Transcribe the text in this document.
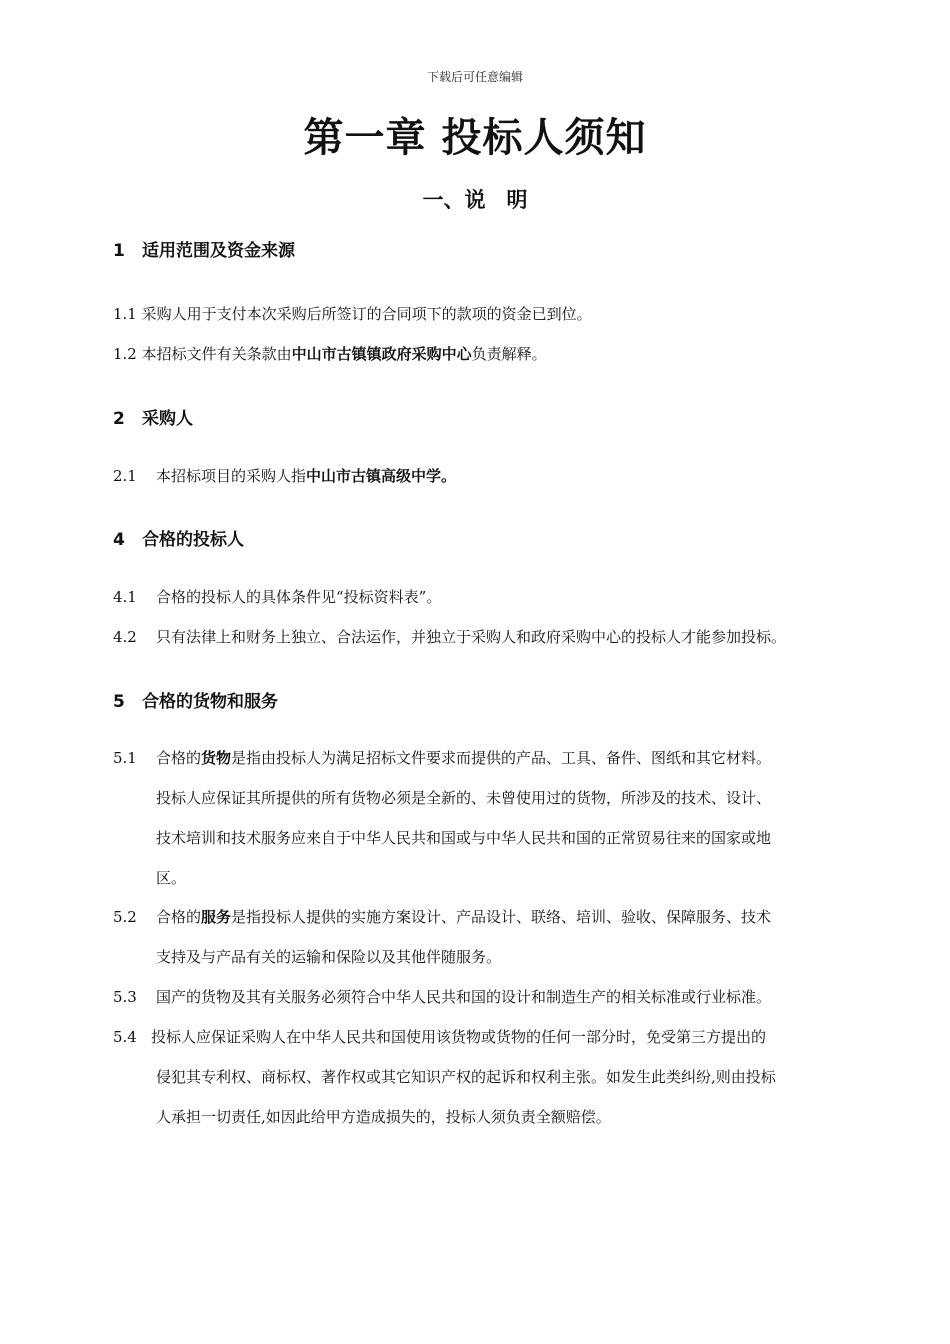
下载后可任意编辑
第一章 投标人须知
一、说　明
1 适用范围及资金来源
1.1 采购人用于支付本次采购后所签订的合同项下的款项的资金已到位。
1.2 本招标文件有关条款由中山市古镇镇政府采购中心负责解释。
2 采购人
2.1 本招标项目的采购人指中山市古镇高级中学。
4 合格的投标人
4.1 合格的投标人的具体条件见“投标资料表”。
4.2 只有法律上和财务上独立、合法运作，并独立于采购人和政府采购中心的投标人才能参加投标。
5 合格的货物和服务
5.1 合格的货物是指由投标人为满足招标文件要求而提供的产品、工具、备件、图纸和其它材料。
投标人应保证其所提供的所有货物必须是全新的、未曾使用过的货物，所涉及的技术、设计、
技术培训和技术服务应来自于中华人民共和国或与中华人民共和国的正常贸易往来的国家或地
区。
5.2 合格的服务是指投标人提供的实施方案设计、产品设计、联络、培训、验收、保障服务、技术
支持及与产品有关的运输和保险以及其他伴随服务。
5.3 国产的货物及其有关服务必须符合中华人民共和国的设计和制造生产的相关标准或行业标准。
5.4 投标人应保证采购人在中华人民共和国使用该货物或货物的任何一部分时，免受第三方提出的
侵犯其专利权、商标权、著作权或其它知识产权的起诉和权利主张。如发生此类纠纷,则由投标
人承担一切责任,如因此给甲方造成损失的，投标人须负责全额赔偿。
